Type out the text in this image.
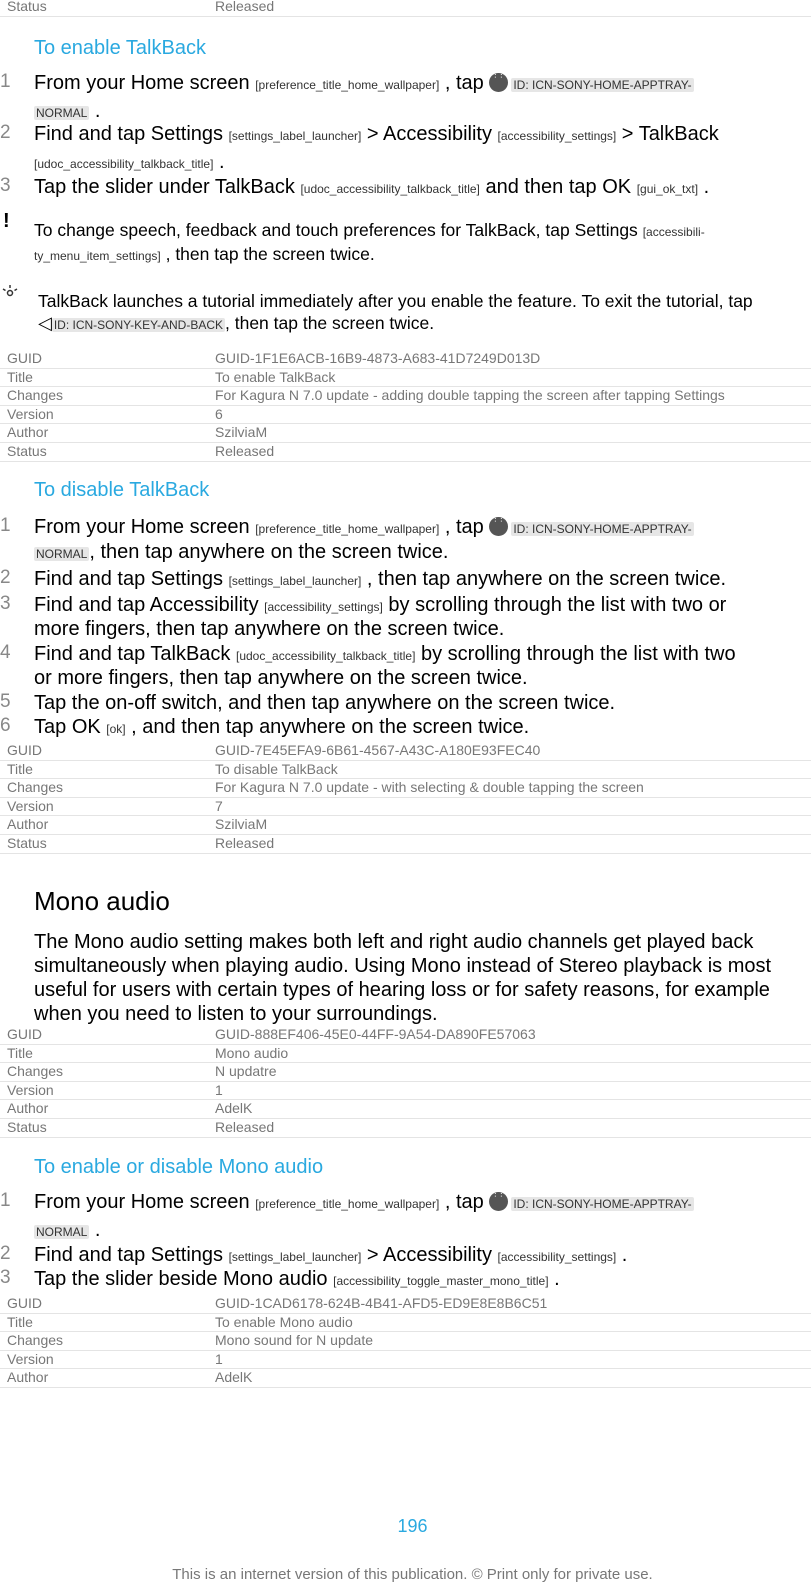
Status	Released
To enable TalkBack
1 From your Home screen [preference_title_home_wallpaper] , tap ⋮⋮⋮ID: ICN-SONY-HOME-APPTRAY-
NORMAL .
2 Find and tap Settings [settings_label_launcher] > Accessibility [accessibility_settings] > TalkBack
[udoc_accessibility_talkback_title] .
3 Tap the slider under TalkBack [udoc_accessibility_talkback_title] and then tap OK [gui_ok_txt] .
! To change speech, feedback and touch preferences for TalkBack, tap Settings [accessibili-
ty_menu_item_settings] , then tap the screen twice.
TalkBack launches a tutorial immediately after you enable the feature. To exit the tutorial, tap
◁ ID: ICN-SONY-KEY-AND-BACK , then tap the screen twice.
GUID	GUID-1F1E6ACB-16B9-4873-A683-41D7249D013D
Title	To enable TalkBack
Changes	For Kagura N 7.0 update - adding double tapping the screen after tapping Settings
Version	6
Author	SzilviaM
Status	Released
To disable TalkBack
1 From your Home screen [preference_title_home_wallpaper] , tap ⋮⋮⋮ID: ICN-SONY-HOME-APPTRAY-
NORMAL , then tap anywhere on the screen twice.
2 Find and tap Settings [settings_label_launcher] , then tap anywhere on the screen twice.
3 Find and tap Accessibility [accessibility_settings] by scrolling through the list with two or
more fingers, then tap anywhere on the screen twice.
4 Find and tap TalkBack [udoc_accessibility_talkback_title] by scrolling through the list with two
or more fingers, then tap anywhere on the screen twice.
5 Tap the on-off switch, and then tap anywhere on the screen twice.
6 Tap OK [ok] , and then tap anywhere on the screen twice.
GUID	GUID-7E45EFA9-6B61-4567-A43C-A180E93FEC40
Title	To disable TalkBack
Changes	For Kagura N 7.0 update - with selecting & double tapping the screen
Version	7
Author	SzilviaM
Status	Released
Mono audio
The Mono audio setting makes both left and right audio channels get played back
simultaneously when playing audio. Using Mono instead of Stereo playback is most
useful for users with certain types of hearing loss or for safety reasons, for example
when you need to listen to your surroundings.
GUID	GUID-888EF406-45E0-44FF-9A54-DA890FE57063
Title	Mono audio
Changes	N updatre
Version	1
Author	AdelK
Status	Released
To enable or disable Mono audio
1 From your Home screen [preference_title_home_wallpaper] , tap ⋮⋮⋮ID: ICN-SONY-HOME-APPTRAY-
NORMAL .
2 Find and tap Settings [settings_label_launcher] > Accessibility [accessibility_settings] .
3 Tap the slider beside Mono audio [accessibility_toggle_master_mono_title] .
GUID	GUID-1CAD6178-624B-4B41-AFD5-ED9E8E8B6C51
Title	To enable Mono audio
Changes	Mono sound for N update
Version	1
Author	AdelK
196
This is an internet version of this publication. © Print only for private use.
